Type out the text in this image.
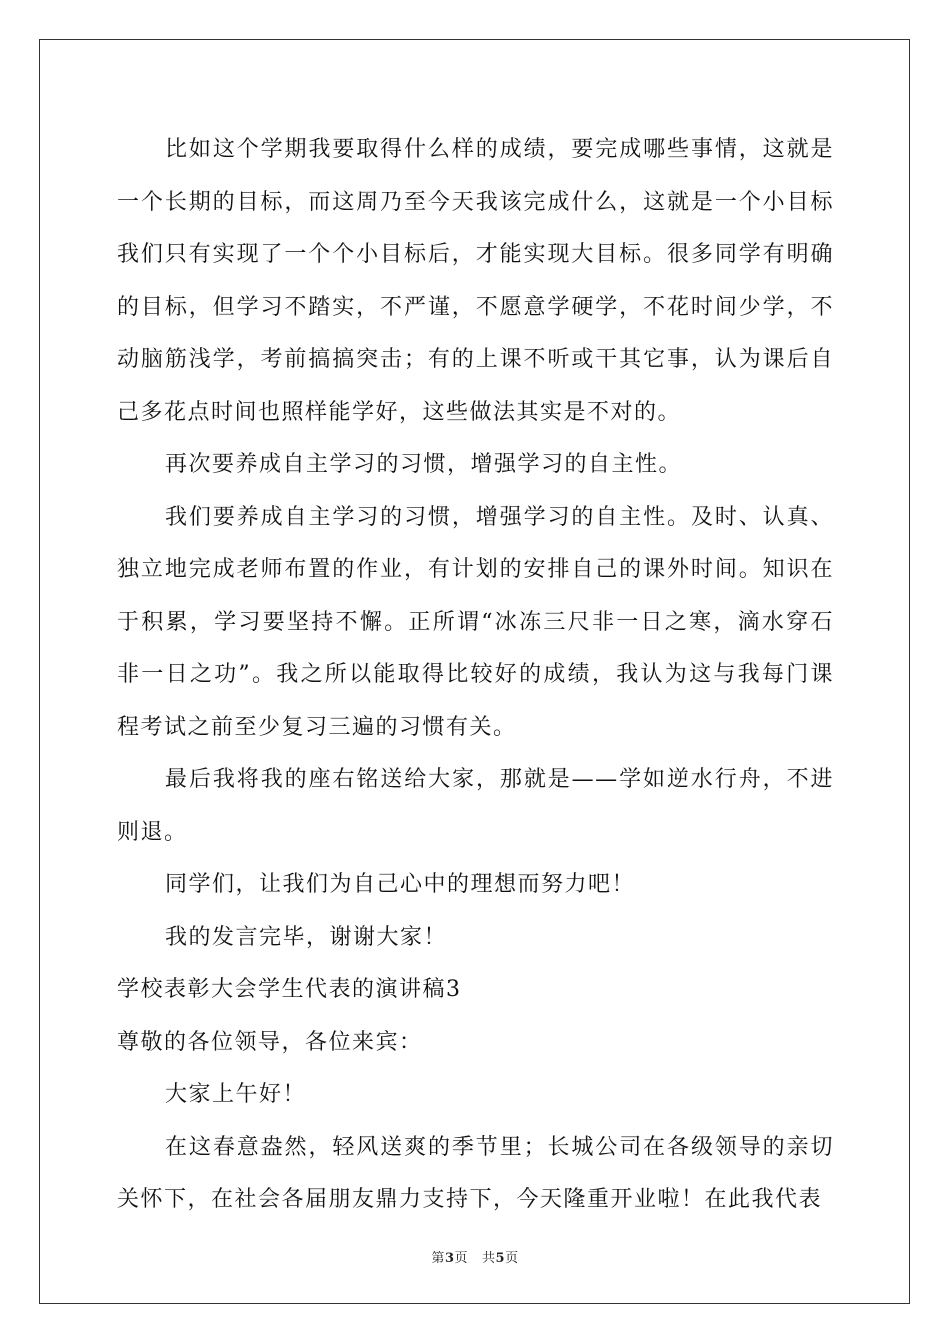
比如这个学期我要取得什么样的成绩，要完成哪些事情，这就是一个长期的目标，而这周乃至今天我该完成什么，这就是一个小目标我们只有实现了一个个小目标后，才能实现大目标。很多同学有明确的目标，但学习不踏实，不严谨，不愿意学硬学，不花时间少学，不动脑筋浅学，考前搞搞突击；有的上课不听或干其它事，认为课后自己多花点时间也照样能学好，这些做法其实是不对的。

再次要养成自主学习的习惯，增强学习的自主性。

我们要养成自主学习的习惯，增强学习的自主性。及时、认真、独立地完成老师布置的作业，有计划的安排自己的课外时间。知识在于积累，学习要坚持不懈。正所谓“冰冻三尺非一日之寒，滴水穿石非一日之功”。我之所以能取得比较好的成绩，我认为这与我每门课程考试之前至少复习三遍的习惯有关。

最后我将我的座右铭送给大家，那就是——学如逆水行舟，不进则退。

同学们，让我们为自己心中的理想而努力吧！

我的发言完毕，谢谢大家！

学校表彰大会学生代表的演讲稿3

尊敬的各位领导，各位来宾：

大家上午好！

在这春意盎然，轻风送爽的季节里；长城公司在各级领导的亲切关怀下，在社会各届朋友鼎力支持下，今天隆重开业啦！在此我代表

第3页 共5页
